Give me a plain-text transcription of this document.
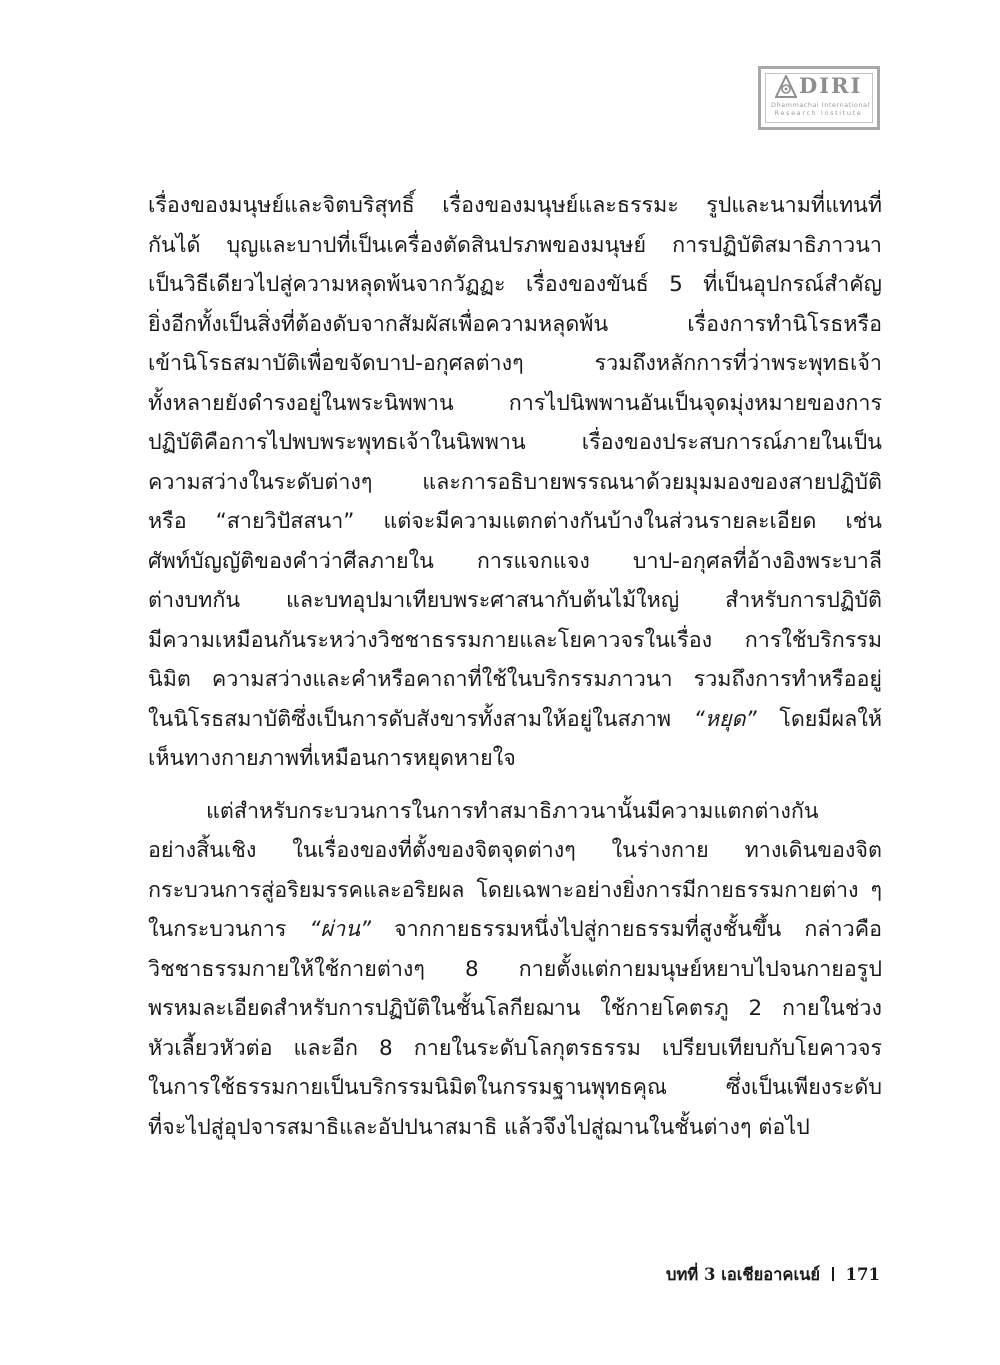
DIRI
Dhammachai International
Research Institute
เรื่องของมนุษย์และจิตบริสุทธิ์ เรื่องของมนุษย์และธรรมะ รูปและนามที่แทนที่
กันได้ บุญและบาปที่เป็นเครื่องตัดสินปรภพของมนุษย์ การปฏิบัติสมาธิภาวนา
เป็นวิธีเดียวไปสู่ความหลุดพ้นจากวัฏฏะ เรื่องของขันธ์ 5 ที่เป็นอุปกรณ์สำคัญ
ยิ่งอีกทั้งเป็นสิ่งที่ต้องดับจากสัมผัสเพื่อความหลุดพ้น เรื่องการทำนิโรธหรือ
เข้านิโรธสมาบัติเพื่อขจัดบาป-อกุศลต่างๆ รวมถึงหลักการที่ว่าพระพุทธเจ้า
ทั้งหลายยังดำรงอยู่ในพระนิพพาน การไปนิพพานอันเป็นจุดมุ่งหมายของการ
ปฏิบัติคือการไปพบพระพุทธเจ้าในนิพพาน เรื่องของประสบการณ์ภายในเป็น
ความสว่างในระดับต่างๆ และการอธิบายพรรณนาด้วยมุมมองของสายปฏิบัติ
หรือ “สายวิปัสสนา” แต่จะมีความแตกต่างกันบ้างในส่วนรายละเอียด เช่น
ศัพท์บัญญัติของคำว่าศีลภายใน การแจกแจง บาป-อกุศลที่อ้างอิงพระบาลี
ต่างบทกัน และบทอุปมาเทียบพระศาสนากับต้นไม้ใหญ่ สำหรับการปฏิบัติ
มีความเหมือนกันระหว่างวิชชาธรรมกายและโยคาวจรในเรื่อง การใช้บริกรรม
นิมิต ความสว่างและคำหรือคาถาที่ใช้ในบริกรรมภาวนา รวมถึงการทำหรืออยู่
ในนิโรธสมาบัติซึ่งเป็นการดับสังขารทั้งสามให้อยู่ในสภาพ “หยุด” โดยมีผลให้
เห็นทางกายภาพที่เหมือนการหยุดหายใจ
แต่สำหรับกระบวนการในการทำสมาธิภาวนานั้นมีความแตกต่างกัน
อย่างสิ้นเชิง ในเรื่องของที่ตั้งของจิตจุดต่างๆ ในร่างกาย ทางเดินของจิต
กระบวนการสู่อริยมรรคและอริยผล โดยเฉพาะอย่างยิ่งการมีกายธรรมกายต่าง ๆ
ในกระบวนการ “ผ่าน” จากกายธรรมหนึ่งไปสู่กายธรรมที่สูงชั้นขึ้น กล่าวคือ
วิชชาธรรมกายให้ใช้กายต่างๆ 8 กายตั้งแต่กายมนุษย์หยาบไปจนกายอรูป
พรหมละเอียดสำหรับการปฏิบัติในชั้นโลกียฌาน ใช้กายโคตรภู 2 กายในช่วง
หัวเลี้ยวหัวต่อ และอีก 8 กายในระดับโลกุตรธรรม เปรียบเทียบกับโยคาวจร
ในการใช้ธรรมกายเป็นบริกรรมนิมิตในกรรมฐานพุทธคุณ ซึ่งเป็นเพียงระดับ
ที่จะไปสู่อุปจารสมาธิและอัปปนาสมาธิ แล้วจึงไปสู่ฌานในชั้นต่างๆ ต่อไป
บทที่ 3 เอเชียอาคเนย์ 171
